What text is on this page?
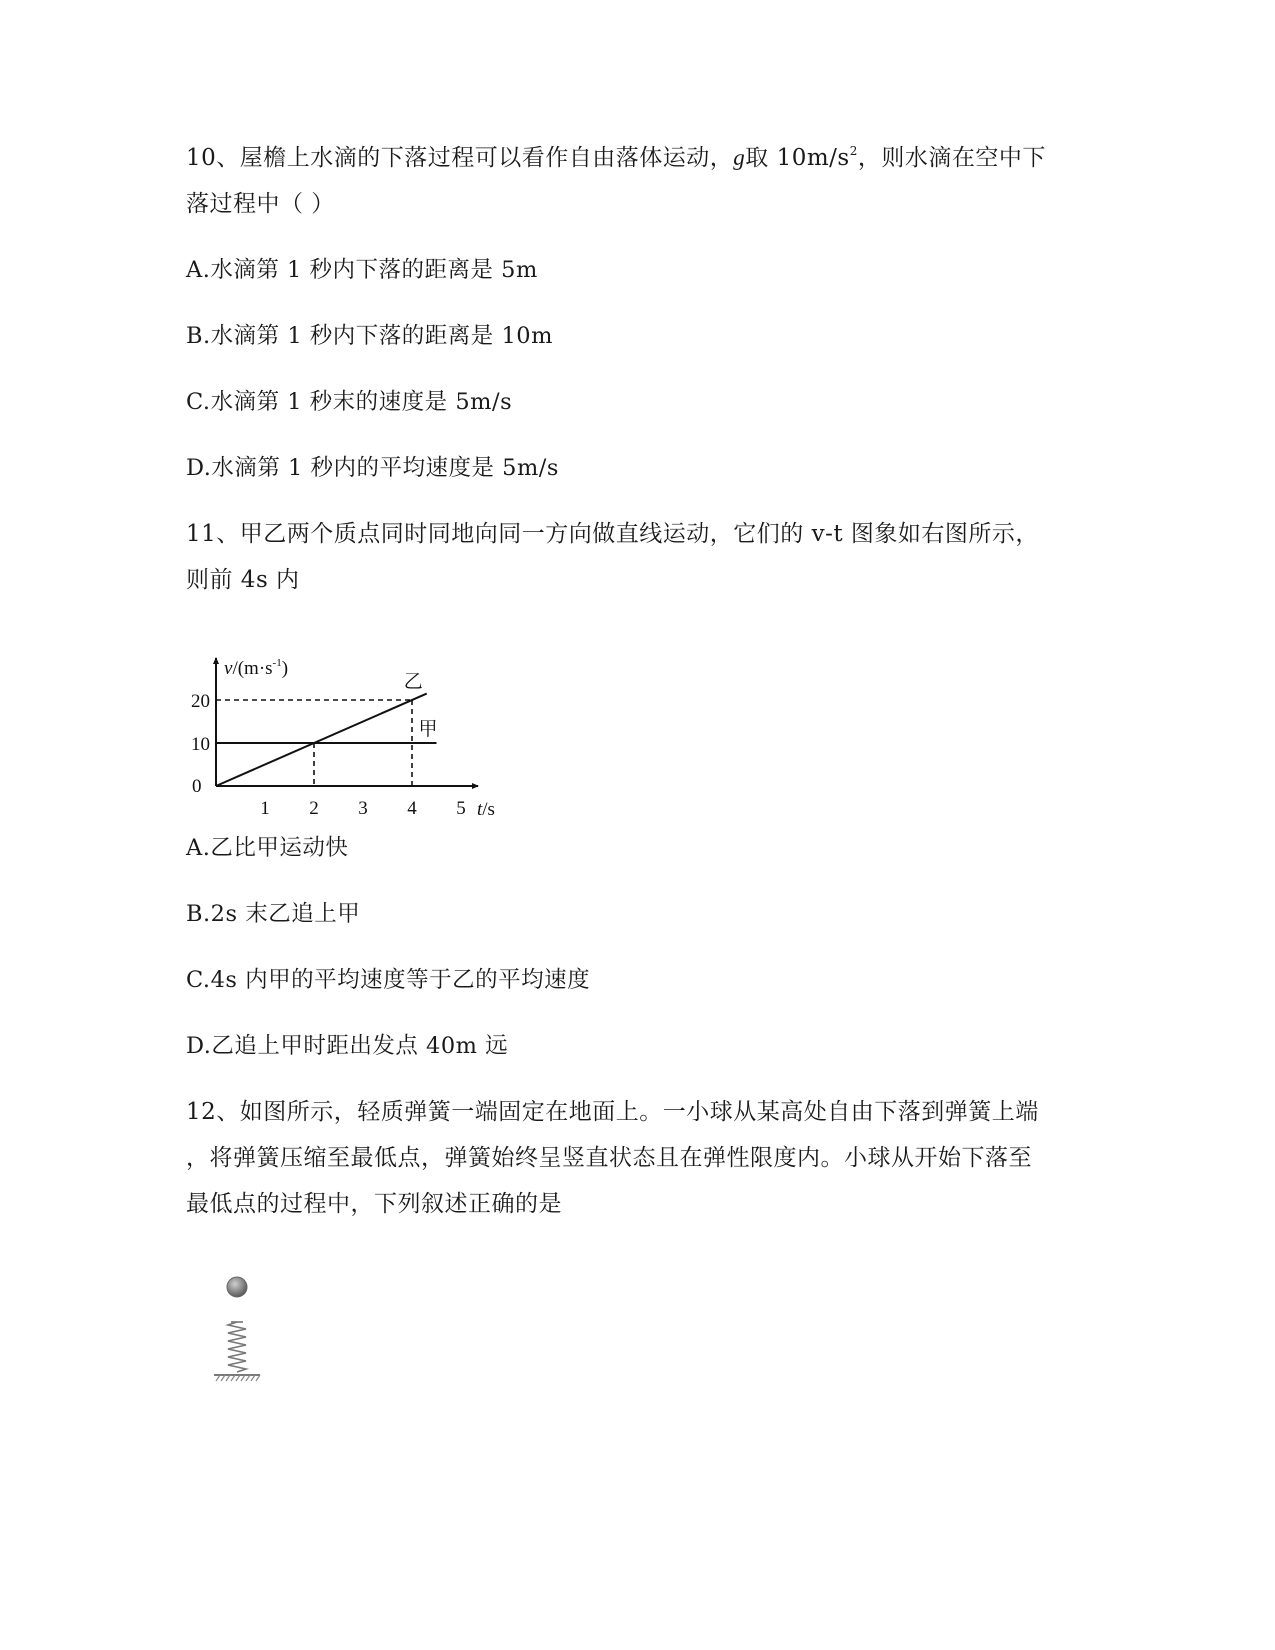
10、屋檐上水滴的下落过程可以看作自由落体运动，g取 $10m/s^2$，则水滴在空中下
落过程中（ ）
A.水滴第 1 秒内下落的距离是 5m
B.水滴第 1 秒内下落的距离是 10m
C.水滴第 1 秒末的速度是 5m/s
D.水滴第 1 秒内的平均速度是 5m/s
11、甲乙两个质点同时同地向同一方向做直线运动，它们的 v-t 图象如右图所示，
则前 4s 内
甲
乙
1 2 3 4 5
10
20
$v/(m\cdot s^{-1})$
t/s
0
A.乙比甲运动快
B.2s 末乙追上甲
C.4s 内甲的平均速度等于乙的平均速度
D.乙追上甲时距出发点 40m 远
12、如图所示，轻质弹簧一端固定在地面上。一小球从某高处自由下落到弹簧上端
，将弹簧压缩至最低点，弹簧始终呈竖直状态且在弹性限度内。小球从开始下落至
最低点的过程中，下列叙述正确的是
